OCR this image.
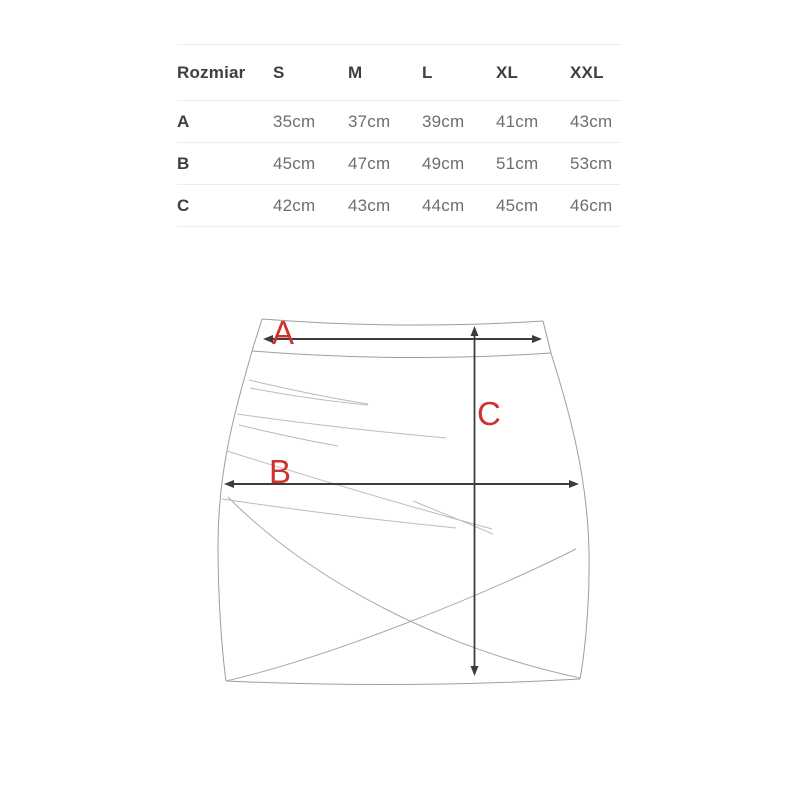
Rozmiar	S	M	L	XL	XXL
A	35cm	37cm	39cm	41cm	43cm
B	45cm	47cm	49cm	51cm	53cm
C	42cm	43cm	44cm	45cm	46cm
A
B
C
